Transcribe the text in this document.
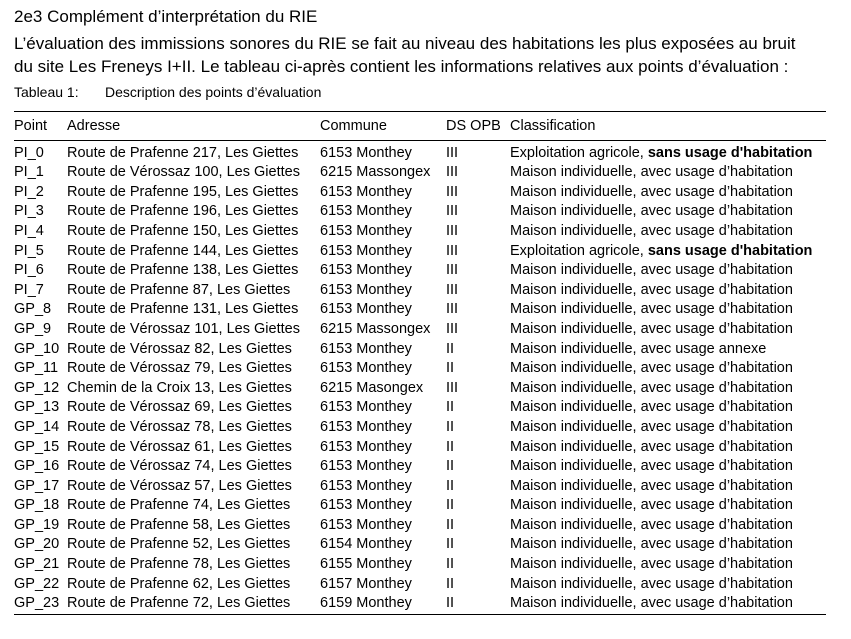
2e3 Complément d’interprétation du RIE

L’évaluation des immissions sonores du RIE se fait au niveau des habitations les plus exposées au bruit

du site Les Freneys I+II. Le tableau ci-après contient les informations relatives aux points d’évaluation :

Tableau 1: Description des points d’évaluation
Point	Adresse	Commune	DS OPB	Classification
PI_0	Route de Prafenne 217, Les Giettes	6153 Monthey	III	Exploitation agricole, sans usage d'habitation
PI_1	Route de Vérossaz 100, Les Giettes	6215 Massongex	III	Maison individuelle, avec usage d’habitation
PI_2	Route de Prafenne 195, Les Giettes	6153 Monthey	III	Maison individuelle, avec usage d’habitation
PI_3	Route de Prafenne 196, Les Giettes	6153 Monthey	III	Maison individuelle, avec usage d’habitation
PI_4	Route de Prafenne 150, Les Giettes	6153 Monthey	III	Maison individuelle, avec usage d’habitation
PI_5	Route de Prafenne 144, Les Giettes	6153 Monthey	III	Exploitation agricole, sans usage d'habitation
PI_6	Route de Prafenne 138, Les Giettes	6153 Monthey	III	Maison individuelle, avec usage d’habitation
PI_7	Route de Prafenne 87, Les Giettes	6153 Monthey	III	Maison individuelle, avec usage d’habitation
GP_8	Route de Prafenne 131, Les Giettes	6153 Monthey	III	Maison individuelle, avec usage d’habitation
GP_9	Route de Vérossaz 101, Les Giettes	6215 Massongex	III	Maison individuelle, avec usage d’habitation
GP_10	Route de Vérossaz 82, Les Giettes	6153 Monthey	II	Maison individuelle, avec usage annexe
GP_11	Route de Vérossaz 79, Les Giettes	6153 Monthey	II	Maison individuelle, avec usage d’habitation
GP_12	Chemin de la Croix 13, Les Giettes	6215 Masongex	III	Maison individuelle, avec usage d’habitation
GP_13	Route de Vérossaz 69, Les Giettes	6153 Monthey	II	Maison individuelle, avec usage d’habitation
GP_14	Route de Vérossaz 78, Les Giettes	6153 Monthey	II	Maison individuelle, avec usage d’habitation
GP_15	Route de Vérossaz 61, Les Giettes	6153 Monthey	II	Maison individuelle, avec usage d’habitation
GP_16	Route de Vérossaz 74, Les Giettes	6153 Monthey	II	Maison individuelle, avec usage d’habitation
GP_17	Route de Vérossaz 57, Les Giettes	6153 Monthey	II	Maison individuelle, avec usage d’habitation
GP_18	Route de Prafenne 74, Les Giettes	6153 Monthey	II	Maison individuelle, avec usage d’habitation
GP_19	Route de Prafenne 58, Les Giettes	6153 Monthey	II	Maison individuelle, avec usage d’habitation
GP_20	Route de Prafenne 52, Les Giettes	6154 Monthey	II	Maison individuelle, avec usage d’habitation
GP_21	Route de Prafenne 78, Les Giettes	6155 Monthey	II	Maison individuelle, avec usage d’habitation
GP_22	Route de Prafenne 62, Les Giettes	6157 Monthey	II	Maison individuelle, avec usage d’habitation
GP_23	Route de Prafenne 72, Les Giettes	6159 Monthey	II	Maison individuelle, avec usage d’habitation
